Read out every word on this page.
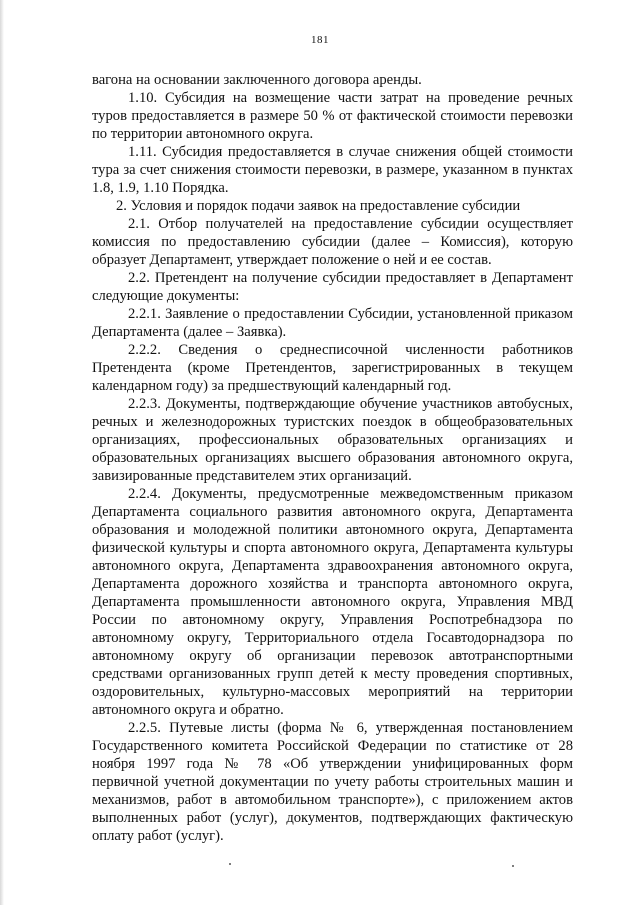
181

вагона на основании заключенного договора аренды.

1.10. Субсидия на возмещение части затрат на проведение речных туров предоставляется в размере 50 % от фактической стоимости перевозки по территории автономного округа.

1.11. Субсидия предоставляется в случае снижения общей стоимости тура за счет снижения стоимости перевозки, в размере, указанном в пунктах 1.8, 1.9, 1.10 Порядка.

2. Условия и порядок подачи заявок на предоставление субсидии

2.1. Отбор получателей на предоставление субсидии осуществляет комиссия по предоставлению субсидии (далее – Комиссия), которую образует Департамент, утверждает положение о ней и ее состав.

2.2. Претендент на получение субсидии предоставляет в Департамент следующие документы:

2.2.1. Заявление о предоставлении Субсидии, установленной приказом Департамента (далее – Заявка).

2.2.2. Сведения о среднесписочной численности работников Претендента (кроме Претендентов, зарегистрированных в текущем календарном году) за предшествующий календарный год.

2.2.3. Документы, подтверждающие обучение участников автобусных, речных и железнодорожных туристских поездок в общеобразовательных организациях, профессиональных образовательных организациях и образовательных организациях высшего образования автономного округа, завизированные представителем этих организаций.

2.2.4. Документы, предусмотренные межведомственным приказом Департамента социального развития автономного округа, Департамента образования и молодежной политики автономного округа, Департамента физической культуры и спорта автономного округа, Департамента культуры автономного округа, Департамента здравоохранения автономного округа, Департамента дорожного хозяйства и транспорта автономного округа, Департамента промышленности автономного округа, Управления МВД России по автономному округу, Управления Роспотребнадзора по автономному округу, Территориального отдела Госавтодорнадзора по автономному округу об организации перевозок автотранспортными средствами организованных групп детей к месту проведения спортивных, оздоровительных, культурно-массовых мероприятий на территории автономного округа и обратно.

2.2.5. Путевые листы (форма № 6, утвержденная постановлением Государственного комитета Российской Федерации по статистике от 28 ноября 1997 года № 78 «Об утверждении унифицированных форм первичной учетной документации по учету работы строительных машин и механизмов, работ в автомобильном транспорте»), с приложением актов выполненных работ (услуг), документов, подтверждающих фактическую оплату работ (услуг).
